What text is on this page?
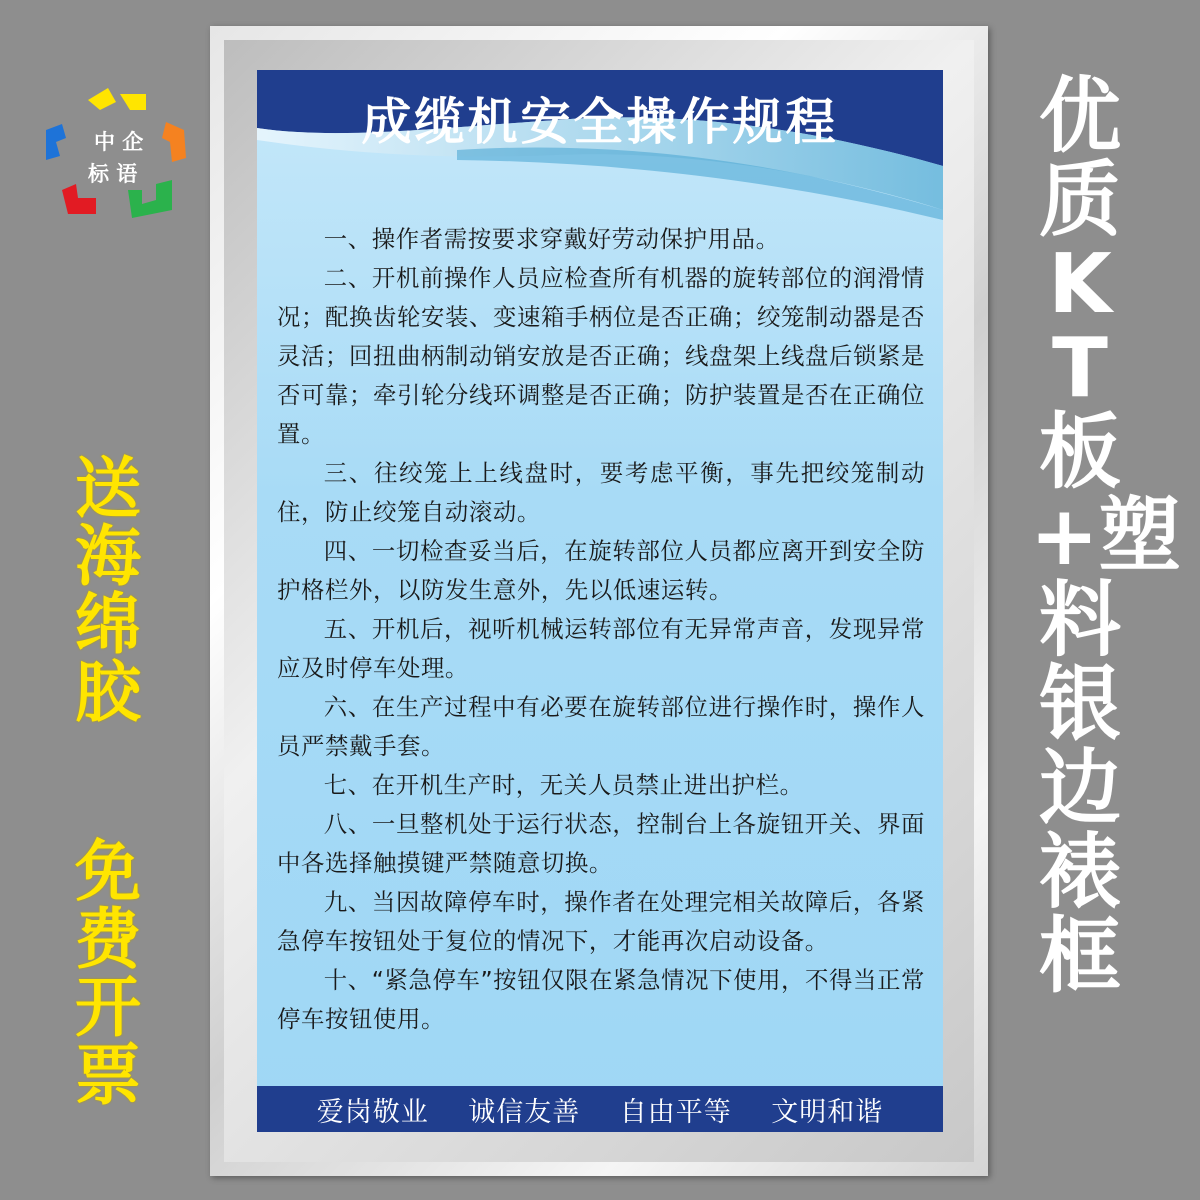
中 企
标 语
送海绵胶
免费开票
优质KT板+塑料银边裱框
成缆机安全操作规程

一、操作者需按要求穿戴好劳动保护用品。

二、开机前操作人员应检查所有机器的旋转部位的润滑情况；配换齿轮安装、变速箱手柄位是否正确；绞笼制动器是否灵活；回扭曲柄制动销安放是否正确；线盘架上线盘后锁紧是否可靠；牵引轮分线环调整是否正确；防护装置是否在正确位置。

三、往绞笼上上线盘时，要考虑平衡，事先把绞笼制动住，防止绞笼自动滚动。

四、一切检查妥当后，在旋转部位人员都应离开到安全防护格栏外，以防发生意外，先以低速运转。

五、开机后，视听机械运转部位有无异常声音，发现异常应及时停车处理。

六、在生产过程中有必要在旋转部位进行操作时，操作人员严禁戴手套。

七、在开机生产时，无关人员禁止进出护栏。

八、一旦整机处于运行状态，控制台上各旋钮开关、界面中各选择触摸键严禁随意切换。

九、当因故障停车时，操作者在处理完相关故障后，各紧急停车按钮处于复位的情况下，才能再次启动设备。

十、“紧急停车”按钮仅限在紧急情况下使用，不得当正常停车按钮使用。

爱岗敬业 诚信友善 自由平等 文明和谐
